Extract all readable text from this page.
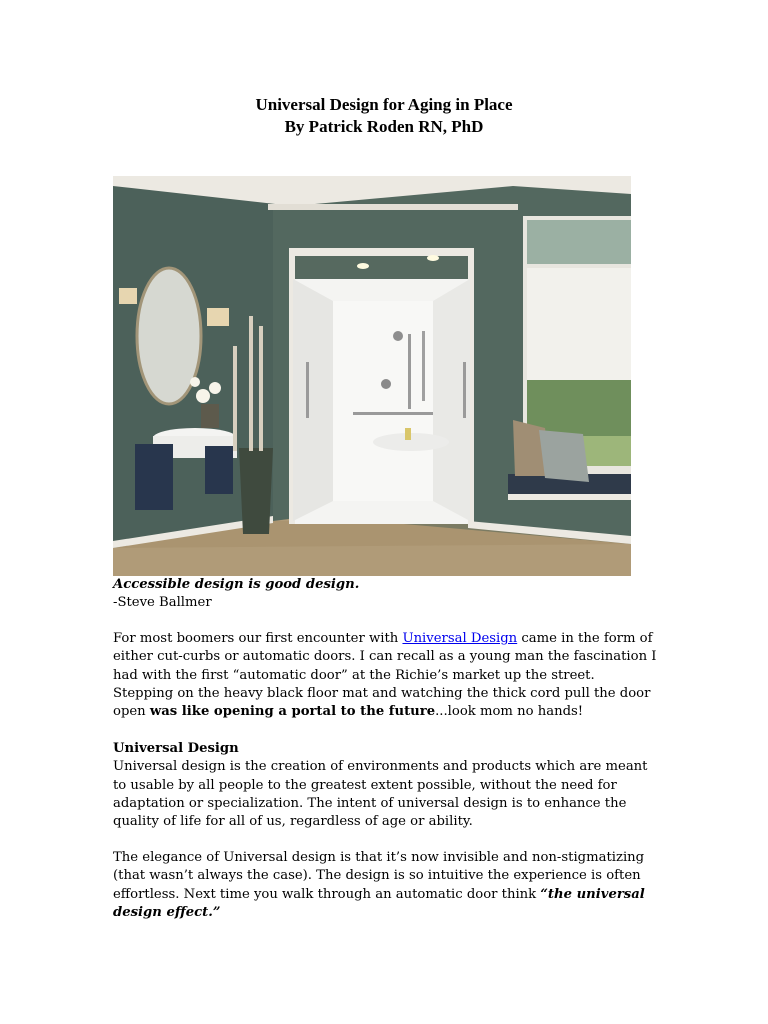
Universal Design for Aging in Place
By Patrick Roden RN, PhD

Accessible design is good design.

-Steve Ballmer

For most boomers our first encounter with Universal Design came in the form of either cut-curbs or automatic doors. I can recall as a young man the fascination I had with the first “automatic door” at the Richie’s market up the street. Stepping on the heavy black floor mat and watching the thick cord pull the door open was like opening a portal to the future...look mom no hands!

Universal Design

Universal design is the creation of environments and products which are meant to usable by all people to the greatest extent possible, without the need for adaptation or specialization. The intent of universal design is to enhance the quality of life for all of us, regardless of age or ability.

The elegance of Universal design is that it’s now invisible and non-stigmatizing (that wasn’t always the case). The design is so intuitive the experience is often effortless. Next time you walk through an automatic door think “the universal design effect.”
